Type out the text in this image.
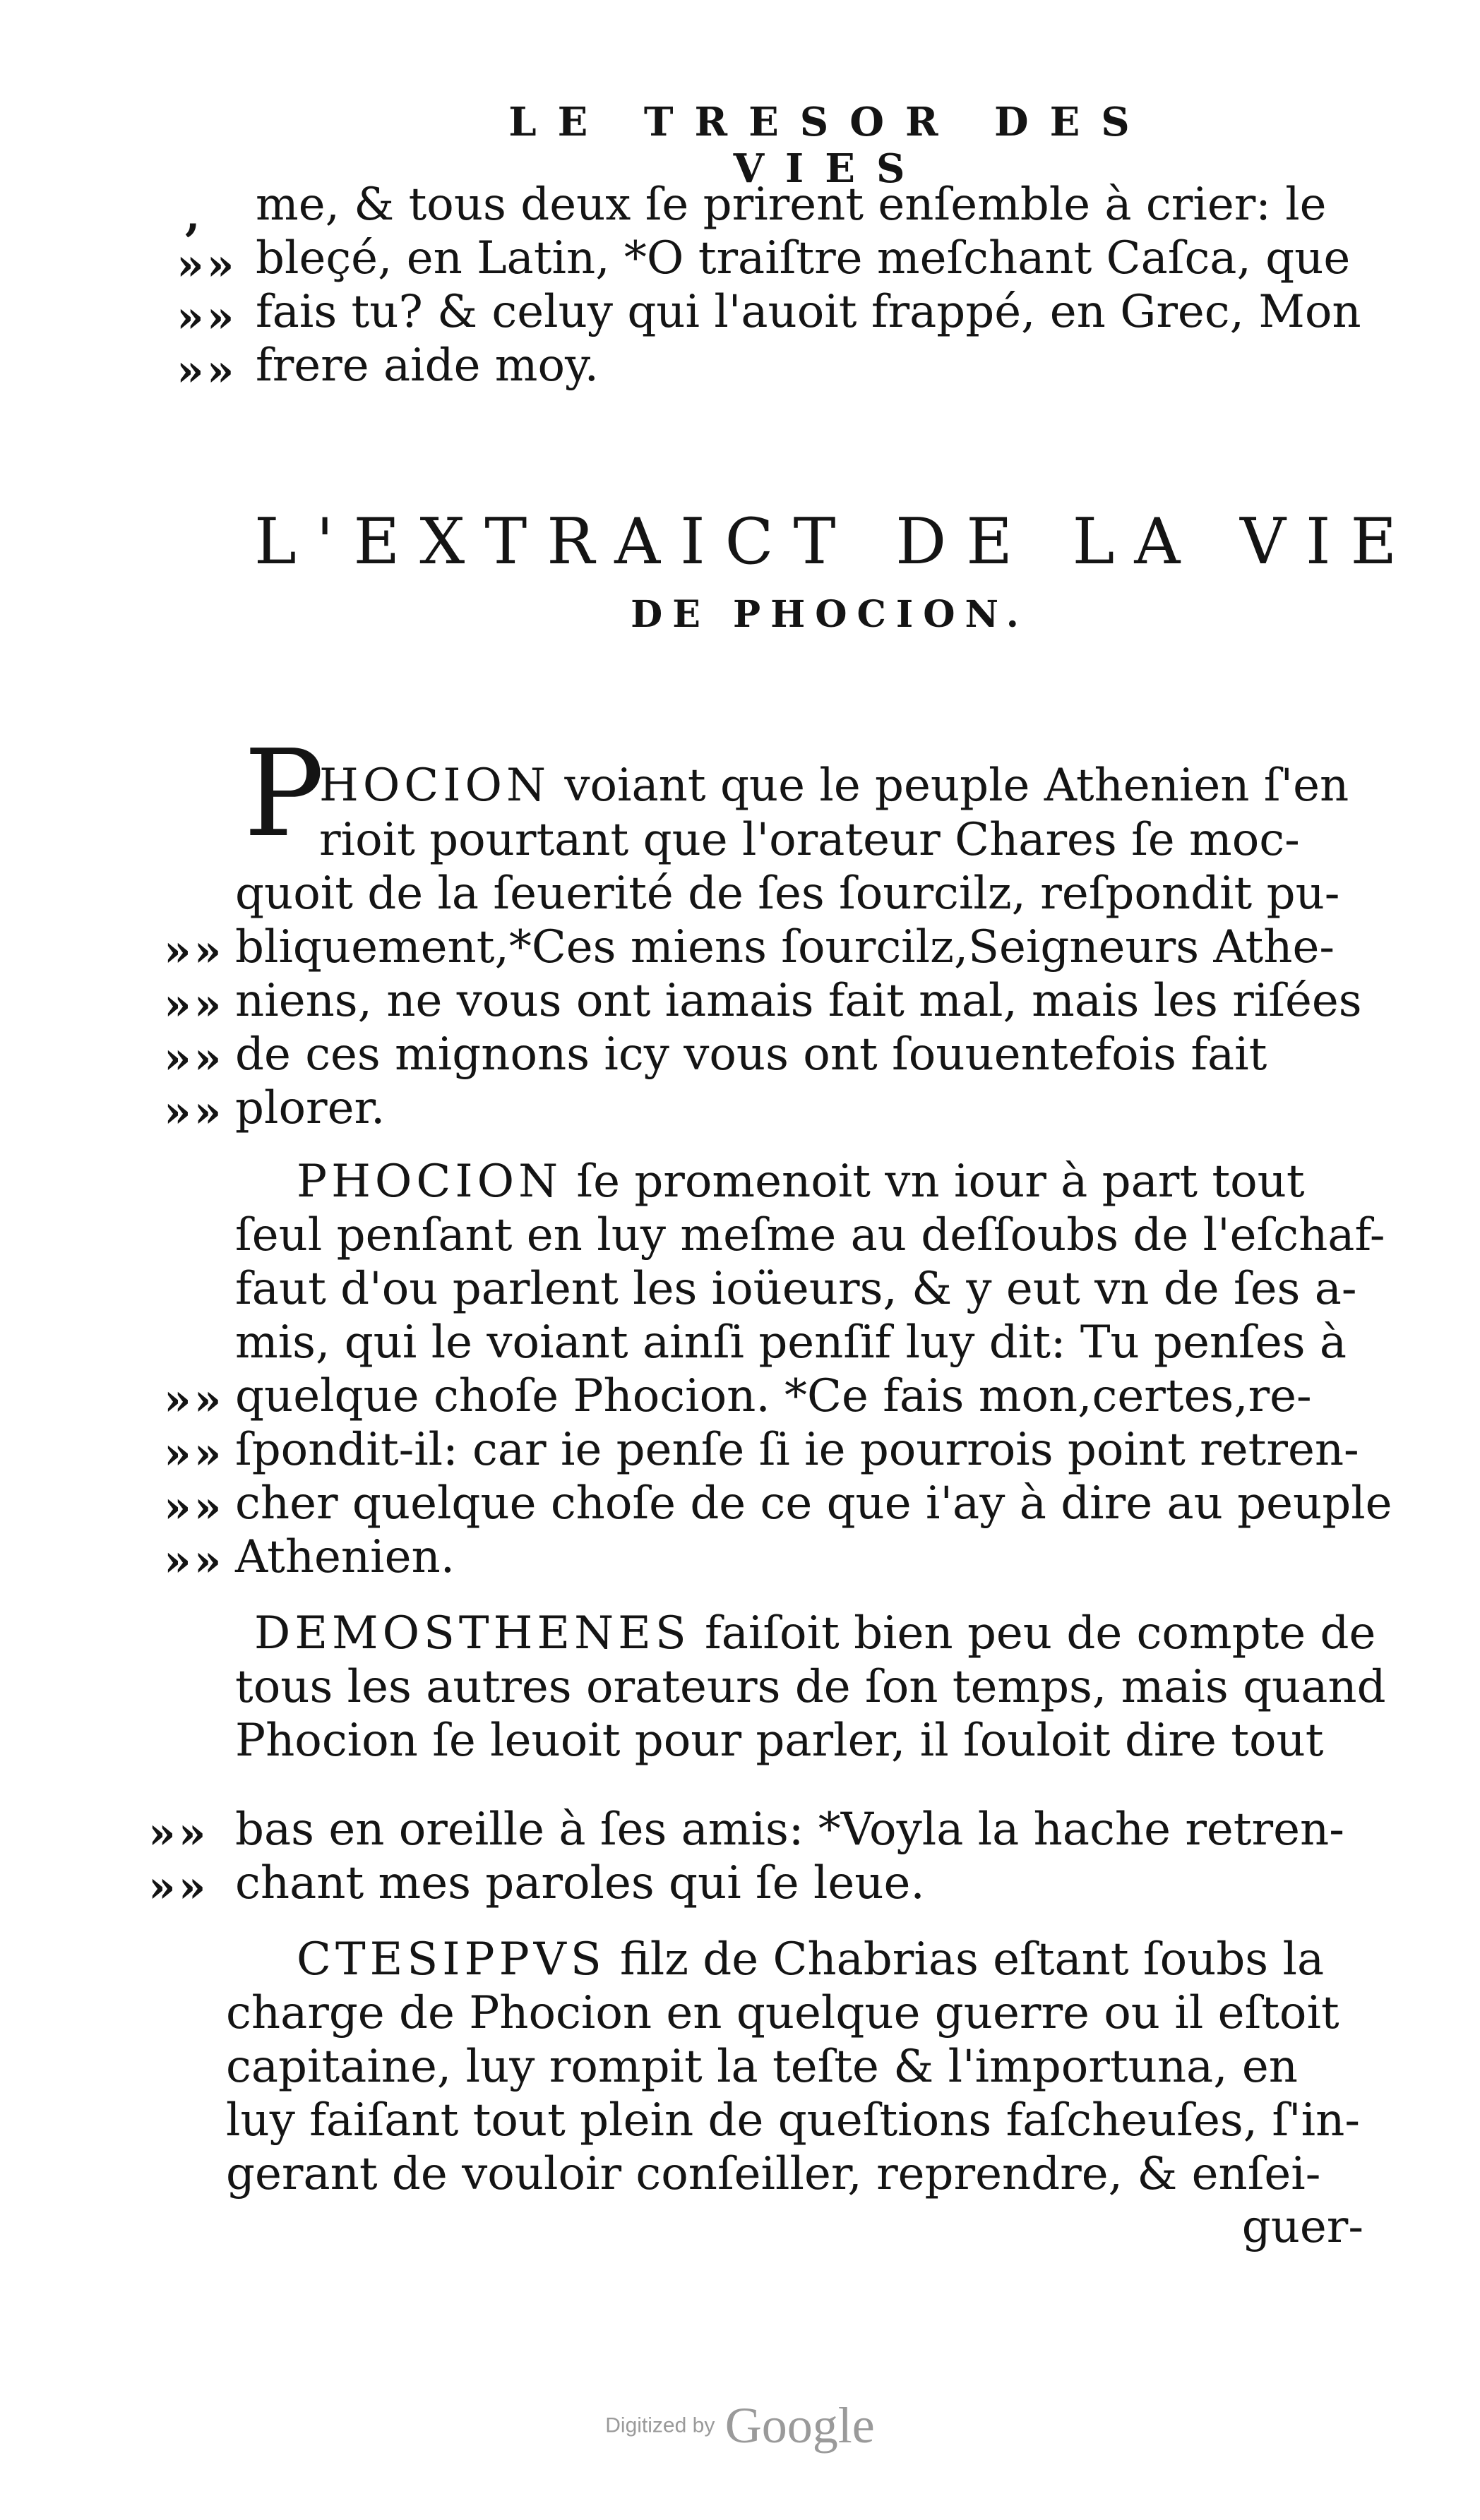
LE TRESOR DES VIES
,
»»
»»
»»
me, & tous deux ſe prirent enſemble à crier: le
bleçé, en Latin, *O traiſtre meſchant Caſca, que
fais tu? & celuy qui l'auoit frappé, en Grec, Mon
frere aide moy.
L'EXTRAICT DE LA VIE
DE PHOCION.
P
HOCION voiant que le peuple Athenien ſ'en
rioit pourtant que l'orateur Chares ſe moc-
quoit de la ſeuerité de ſes ſourcilz, reſpondit pu-
»» bliquement,*Ces miens ſourcilz,Seigneurs Athe-
»» niens, ne vous ont iamais fait mal, mais les riſées
»» de ces mignons icy vous ont ſouuentefois fait
»» plorer.
PHOCION ſe promenoit vn iour à part tout
ſeul penſant en luy meſme au deſſoubs de l'eſchaf-
faut d'ou parlent les ioüeurs, & y eut vn de ſes a-
mis, qui le voiant ainſi penſif luy dit: Tu penſes à
»» quelque choſe Phocion. *Ce fais mon,certes,re-
»» ſpondit-il: car ie penſe ſi ie pourrois point retren-
»» cher quelque choſe de ce que i'ay à dire au peuple
»» Athenien.
DEMOSTHENES faiſoit bien peu de compte de
tous les autres orateurs de ſon temps, mais quand
Phocion ſe leuoit pour parler, il ſouloit dire tout
»» bas en oreille à ſes amis: *Voyla la hache retren-
»» chant mes paroles qui ſe leue.
CTESIPPVS filz de Chabrias eſtant ſoubs la
charge de Phocion en quelque guerre ou il eſtoit
capitaine, luy rompit la teſte & l'importuna, en
luy faiſant tout plein de queſtions faſcheuſes, ſ'in-
gerant de vouloir conſeiller, reprendre, & enſei-
guer-
Digitized by Google
